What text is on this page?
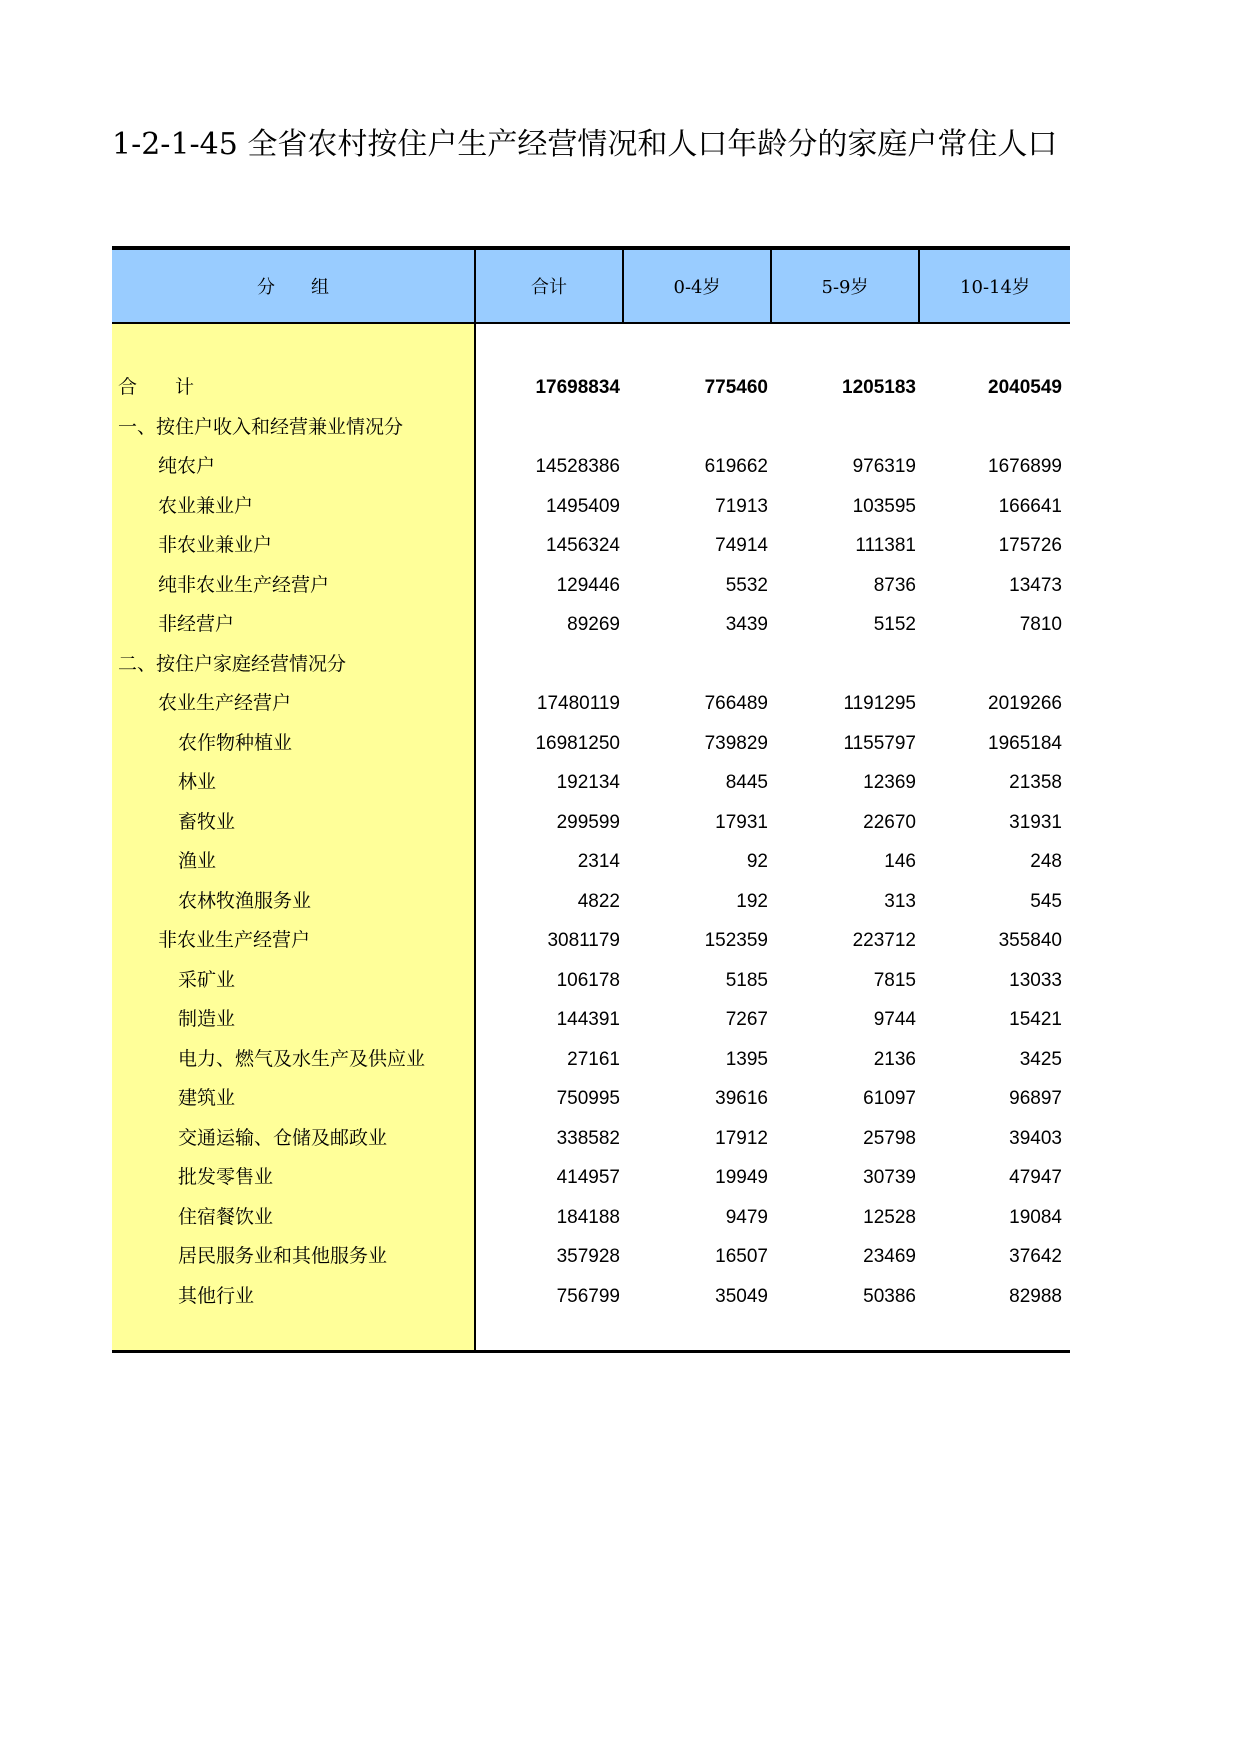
1-2-1-45 全省农村按住户生产经营情况和人口年龄分的家庭户常住人口
分　　组	合计	0-4岁	5-9岁	10-14岁
合　　计	17698834	775460	1205183	2040549
一、按住户收入和经营兼业情况分
纯农户	14528386	619662	976319	1676899
农业兼业户	1495409	71913	103595	166641
非农业兼业户	1456324	74914	111381	175726
纯非农业生产经营户	129446	5532	8736	13473
非经营户	89269	3439	5152	7810
二、按住户家庭经营情况分
农业生产经营户	17480119	766489	1191295	2019266
农作物种植业	16981250	739829	1155797	1965184
林业	192134	8445	12369	21358
畜牧业	299599	17931	22670	31931
渔业	2314	92	146	248
农林牧渔服务业	4822	192	313	545
非农业生产经营户	3081179	152359	223712	355840
采矿业	106178	5185	7815	13033
制造业	144391	7267	9744	15421
电力、燃气及水生产及供应业	27161	1395	2136	3425
建筑业	750995	39616	61097	96897
交通运输、仓储及邮政业	338582	17912	25798	39403
批发零售业	414957	19949	30739	47947
住宿餐饮业	184188	9479	12528	19084
居民服务业和其他服务业	357928	16507	23469	37642
其他行业	756799	35049	50386	82988
